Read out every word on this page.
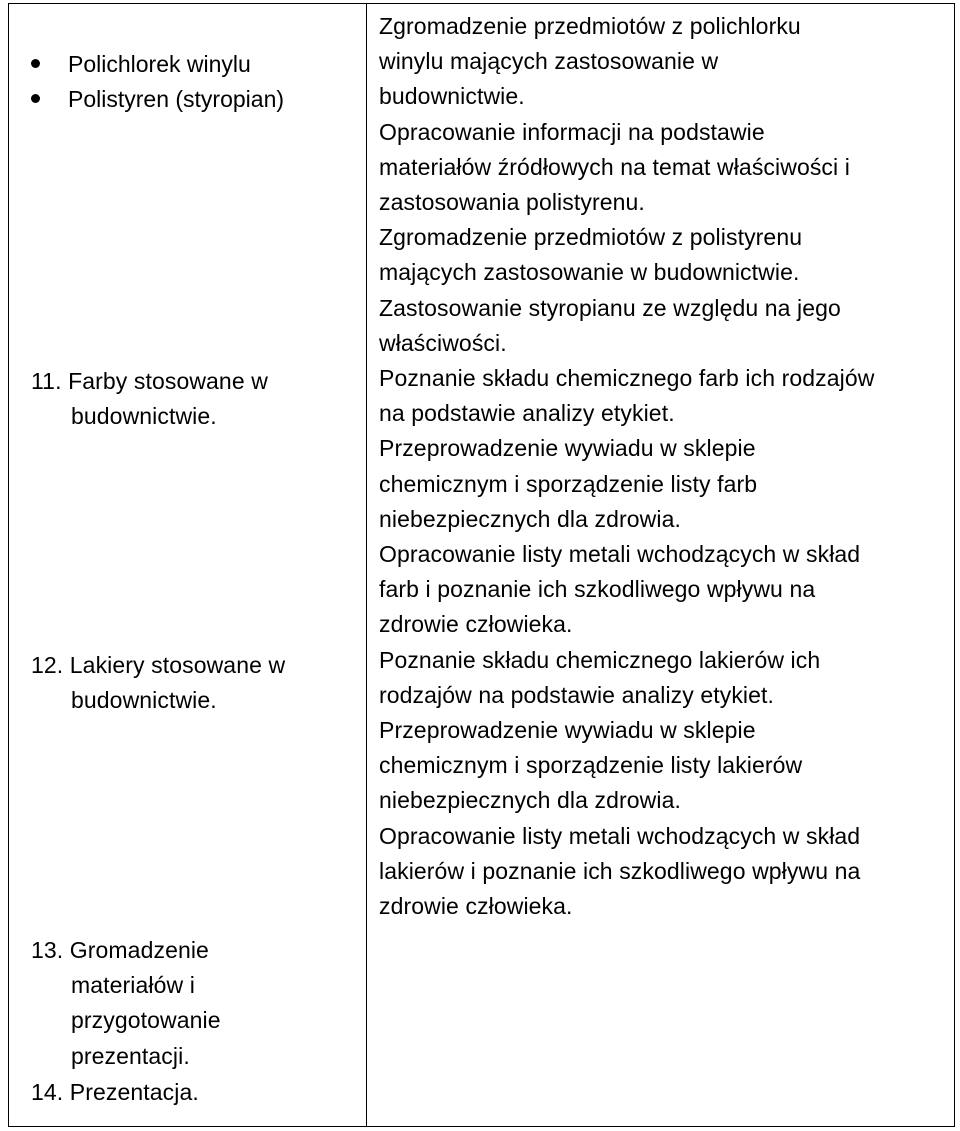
Polichlorek winylu
Polistyren (styropian)
11. Farby stosowane w
budownictwie.
12. Lakiery stosowane w
budownictwie.
13. Gromadzenie
materiałów i
przygotowanie
prezentacji.
14. Prezentacja.
Zgromadzenie przedmiotów z polichlorku
winylu mających zastosowanie w
budownictwie.
Opracowanie informacji na podstawie
materiałów źródłowych na temat właściwości i
zastosowania polistyrenu.
Zgromadzenie przedmiotów z polistyrenu
mających zastosowanie w budownictwie.
Zastosowanie styropianu ze względu na jego
właściwości.
Poznanie składu chemicznego farb ich rodzajów
na podstawie analizy etykiet.
Przeprowadzenie wywiadu w sklepie
chemicznym i sporządzenie listy farb
niebezpiecznych dla zdrowia.
Opracowanie listy metali wchodzących w skład
farb i poznanie ich szkodliwego wpływu na
zdrowie człowieka.
Poznanie składu chemicznego lakierów ich
rodzajów na podstawie analizy etykiet.
Przeprowadzenie wywiadu w sklepie
chemicznym i sporządzenie listy lakierów
niebezpiecznych dla zdrowia.
Opracowanie listy metali wchodzących w skład
lakierów i poznanie ich szkodliwego wpływu na
zdrowie człowieka.
